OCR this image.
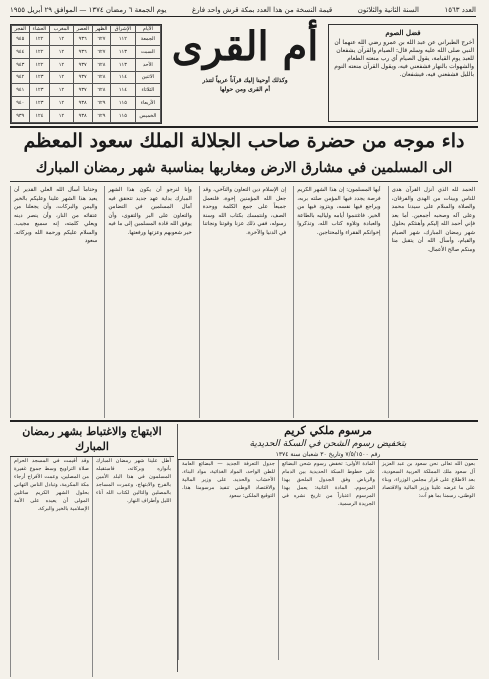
العدد ١٥٦٣
السنة الثانية والثلاثون
قيمة النسخة من هذا العدد بمكة قرش واحد فارغ
يوم الجمعة ٦ رمضان ١٣٧٤ — الموافق ٢٩ أبريل ١٩٥٥
الفجر	العشاء	المغرب	العصر	الظهر	الإشراق	الأيام
٩٤٥	١٢٢	١٢	٩٣٦	٦٢٧	١١٢	الجمعة
٩٤٤	١٢٢	١٢	٩٣٦	٦٢٧	١١٣	السبت
٩٤٣	١٢٢	١٢	٩٣٧	٦٢٨	١١٣	الأحد
٩٤٢	١٢٣	١٢	٩٣٧	٦٢٨	١١٤	الاثنين
٩٤١	١٢٣	١٢	٩٣٧	٦٢٨	١١٤	الثلاثاء
٩٤٠	١٢٣	١٢	٩٣٨	٦٢٩	١١٥	الأربعاء
٩٣٩	١٢٤	١٢	٩٣٨	٦٢٩	١١٥	الخميس
أم القرى
وكذلك أوحينا إليك قرآناً عربياً لتنذر
أم القرى ومن حولها
فضل الصوم

أخرج الطبراني عن عبد الله بن عمرو رضي الله عنهما أن النبي صلى الله عليه وسلم قال: الصيام والقرآن يشفعان للعبد يوم القيامة، يقول الصيام أي رب منعته الطعام والشهوات بالنهار فشفعني فيه، ويقول القرآن منعته النوم بالليل فشفعني فيه، فيشفعان.

داء موجه من حضرة صاحب الجلالة الملك سعود المعظم
الى المسلمين في مشارق الارض ومغاربها بمناسبة شهر رمضان المبارك
الحمد لله الذي أنزل القرآن هدى للناس وبينات من الهدى والفرقان، والصلاة والسلام على سيدنا محمد وعلى آله وصحبه أجمعين. أما بعد فإني أحمد الله إليكم وأهنئكم بحلول شهر رمضان المبارك، شهر الصيام والقيام، وأسأل الله أن يتقبل منا ومنكم صالح الأعمال.
أيها المسلمون: إن هذا الشهر الكريم فرصة يجدد فيها المؤمن صلته بربه، ويراجع فيها نفسه، ويتزود فيها من الخير. فاغتنموا أيامه ولياليه بالطاعة والعبادة وتلاوة كتاب الله، وتذكروا إخوانكم الفقراء والمحتاجين.
إن الإسلام دين التعاون والتآخي، وقد جعل الله المؤمنين إخوة، فلنعمل جميعاً على جمع الكلمة ووحدة الصف، ولنتمسك بكتاب الله وسنة رسوله، ففي ذلك عزنا وقوتنا ونجاتنا في الدنيا والآخرة.
وإنا لنرجو أن يكون هذا الشهر المبارك بداية عهد جديد تتحقق فيه آمال المسلمين في التضامن والتعاون على البر والتقوى، وأن يوفق الله قادة المسلمين إلى ما فيه خير شعوبهم وعزتها ورفعتها.
وختاماً أسأل الله العلي القدير أن يعيد هذا الشهر علينا وعليكم بالخير واليمن والبركات، وأن يجعلنا من عتقائه من النار، وأن ينصر دينه ويعلي كلمته، إنه سميع مجيب. والسلام عليكم ورحمة الله وبركاته. سعود
مرسوم ملكي كريم
بتخفيض رسوم الشحن في السكة الحديدية
رقم ٧/٥/١٥٠٠ وتاريخ ٣٠ شعبان سنة ١٣٧٤
بعون الله تعالى نحن سعود بن عبد العزيز آل سعود ملك المملكة العربية السعودية، بعد الاطلاع على قرار مجلس الوزراء، وبناء على ما عرضه علينا وزير المالية والاقتصاد الوطني، رسمنا بما هو آت:
المادة الأولى: تخفض رسوم شحن البضائع على خطوط السكة الحديدية بين الدمام والرياض وفق الجدول الملحق بهذا المرسوم. المادة الثانية: يعمل بهذا المرسوم اعتباراً من تاريخ نشره في الجريدة الرسمية.
جدول التعرفة الجديد — البضائع العامة للطن الواحد، المواد الغذائية، مواد البناء، الأخشاب والحديد. على وزير المالية والاقتصاد الوطني تنفيذ مرسومنا هذا. التوقيع الملكي: سعود
الابتهاج والاغتباط بشهر رمضان المبارك
أطل علينا شهر رمضان المبارك بأنواره وبركاته، فاستقبله المسلمون في هذا البلد الأمين بالفرح والابتهاج، وعمرت المساجد بالمصلين والتالين لكتاب الله آناء الليل وأطراف النهار.
وقد أقيمت في المسجد الحرام صلاة التراويح وسط جموع غفيرة من المصلين، وعمت الأفراح أرجاء مكة المكرمة، وتبادل الناس التهاني بحلول الشهر الكريم سائلين المولى أن يعيده على الأمة الإسلامية بالخير والبركة.
